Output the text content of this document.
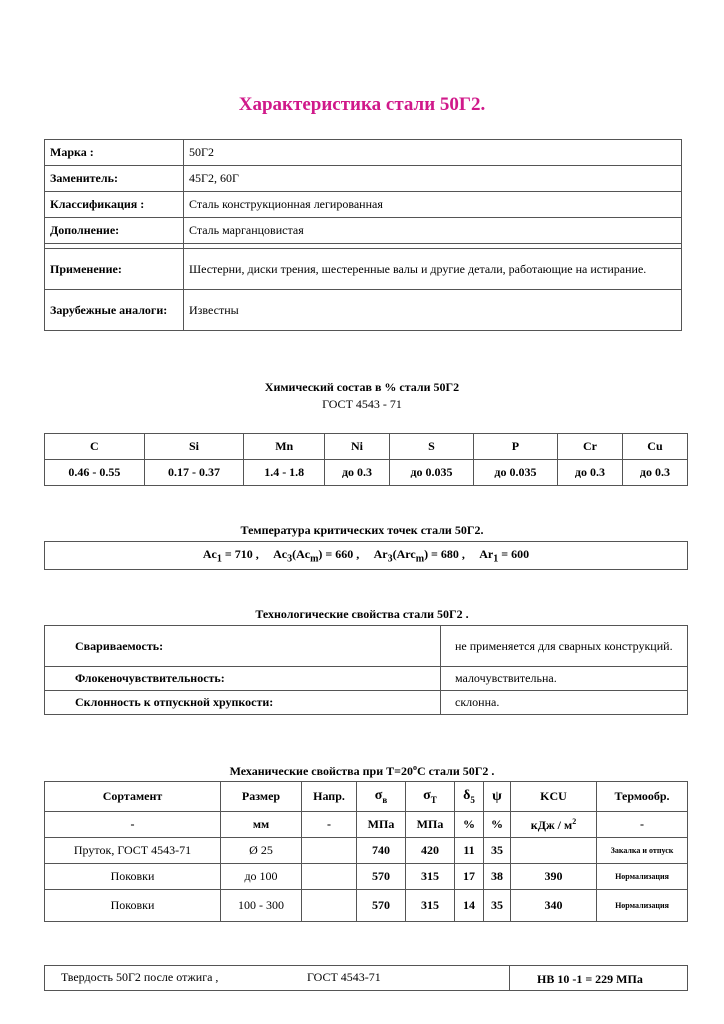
Характеристика стали 50Г2.
Марка :	50Г2
Заменитель:	45Г2, 60Г
Классификация :	Сталь конструкционная легированная
Дополнение:	Сталь марганцовистая

Применение:	Шестерни, диски трения, шестеренные валы и другие детали, работающие на истирание.
Зарубежные аналоги:	Известны
Химический состав в % стали 50Г2
ГОСТ 4543 - 71
C	Si	Mn	Ni	S	P	Cr	Cu
0.46 - 0.55	0.17 - 0.37	1.4 - 1.8	до 0.3	до 0.035	до 0.035	до 0.3	до 0.3
Температура критических точек стали 50Г2.
$Ac_1 = 710$ ,     $Ac_3(Ac_m) = 660$ ,     $Ar_3(Arc_m) = 680$ ,     $Ar_1 = 600$
Технологические свойства стали 50Г2 .
Свариваемость:	не применяется для сварных конструкций.
Флокеночувствительность:	малочувствительна.
Склонность к отпускной хрупкости:	склонна.
Механические свойства при $Т=20^oС$ стали 50Г2 .
Сортамент	Размер	Напр.	$\sigma_в$	$\sigma_T$	$\delta_5$	ψ	KCU	Термообр.
-	мм	-	МПа	МПа	%	%	кДж / $м^2$	-
Пруток, ГОСТ 4543-71	Ø 25		740	420	11	35		Закалка и отпуск
Поковки	до 100		570	315	17	38	390	Нормализация
Поковки	100 - 300		570	315	14	35	340	Нормализация
Твердость 50Г2 после отжига ,	ГОСТ 4543-71	НВ 10 -1 = 229 МПа
